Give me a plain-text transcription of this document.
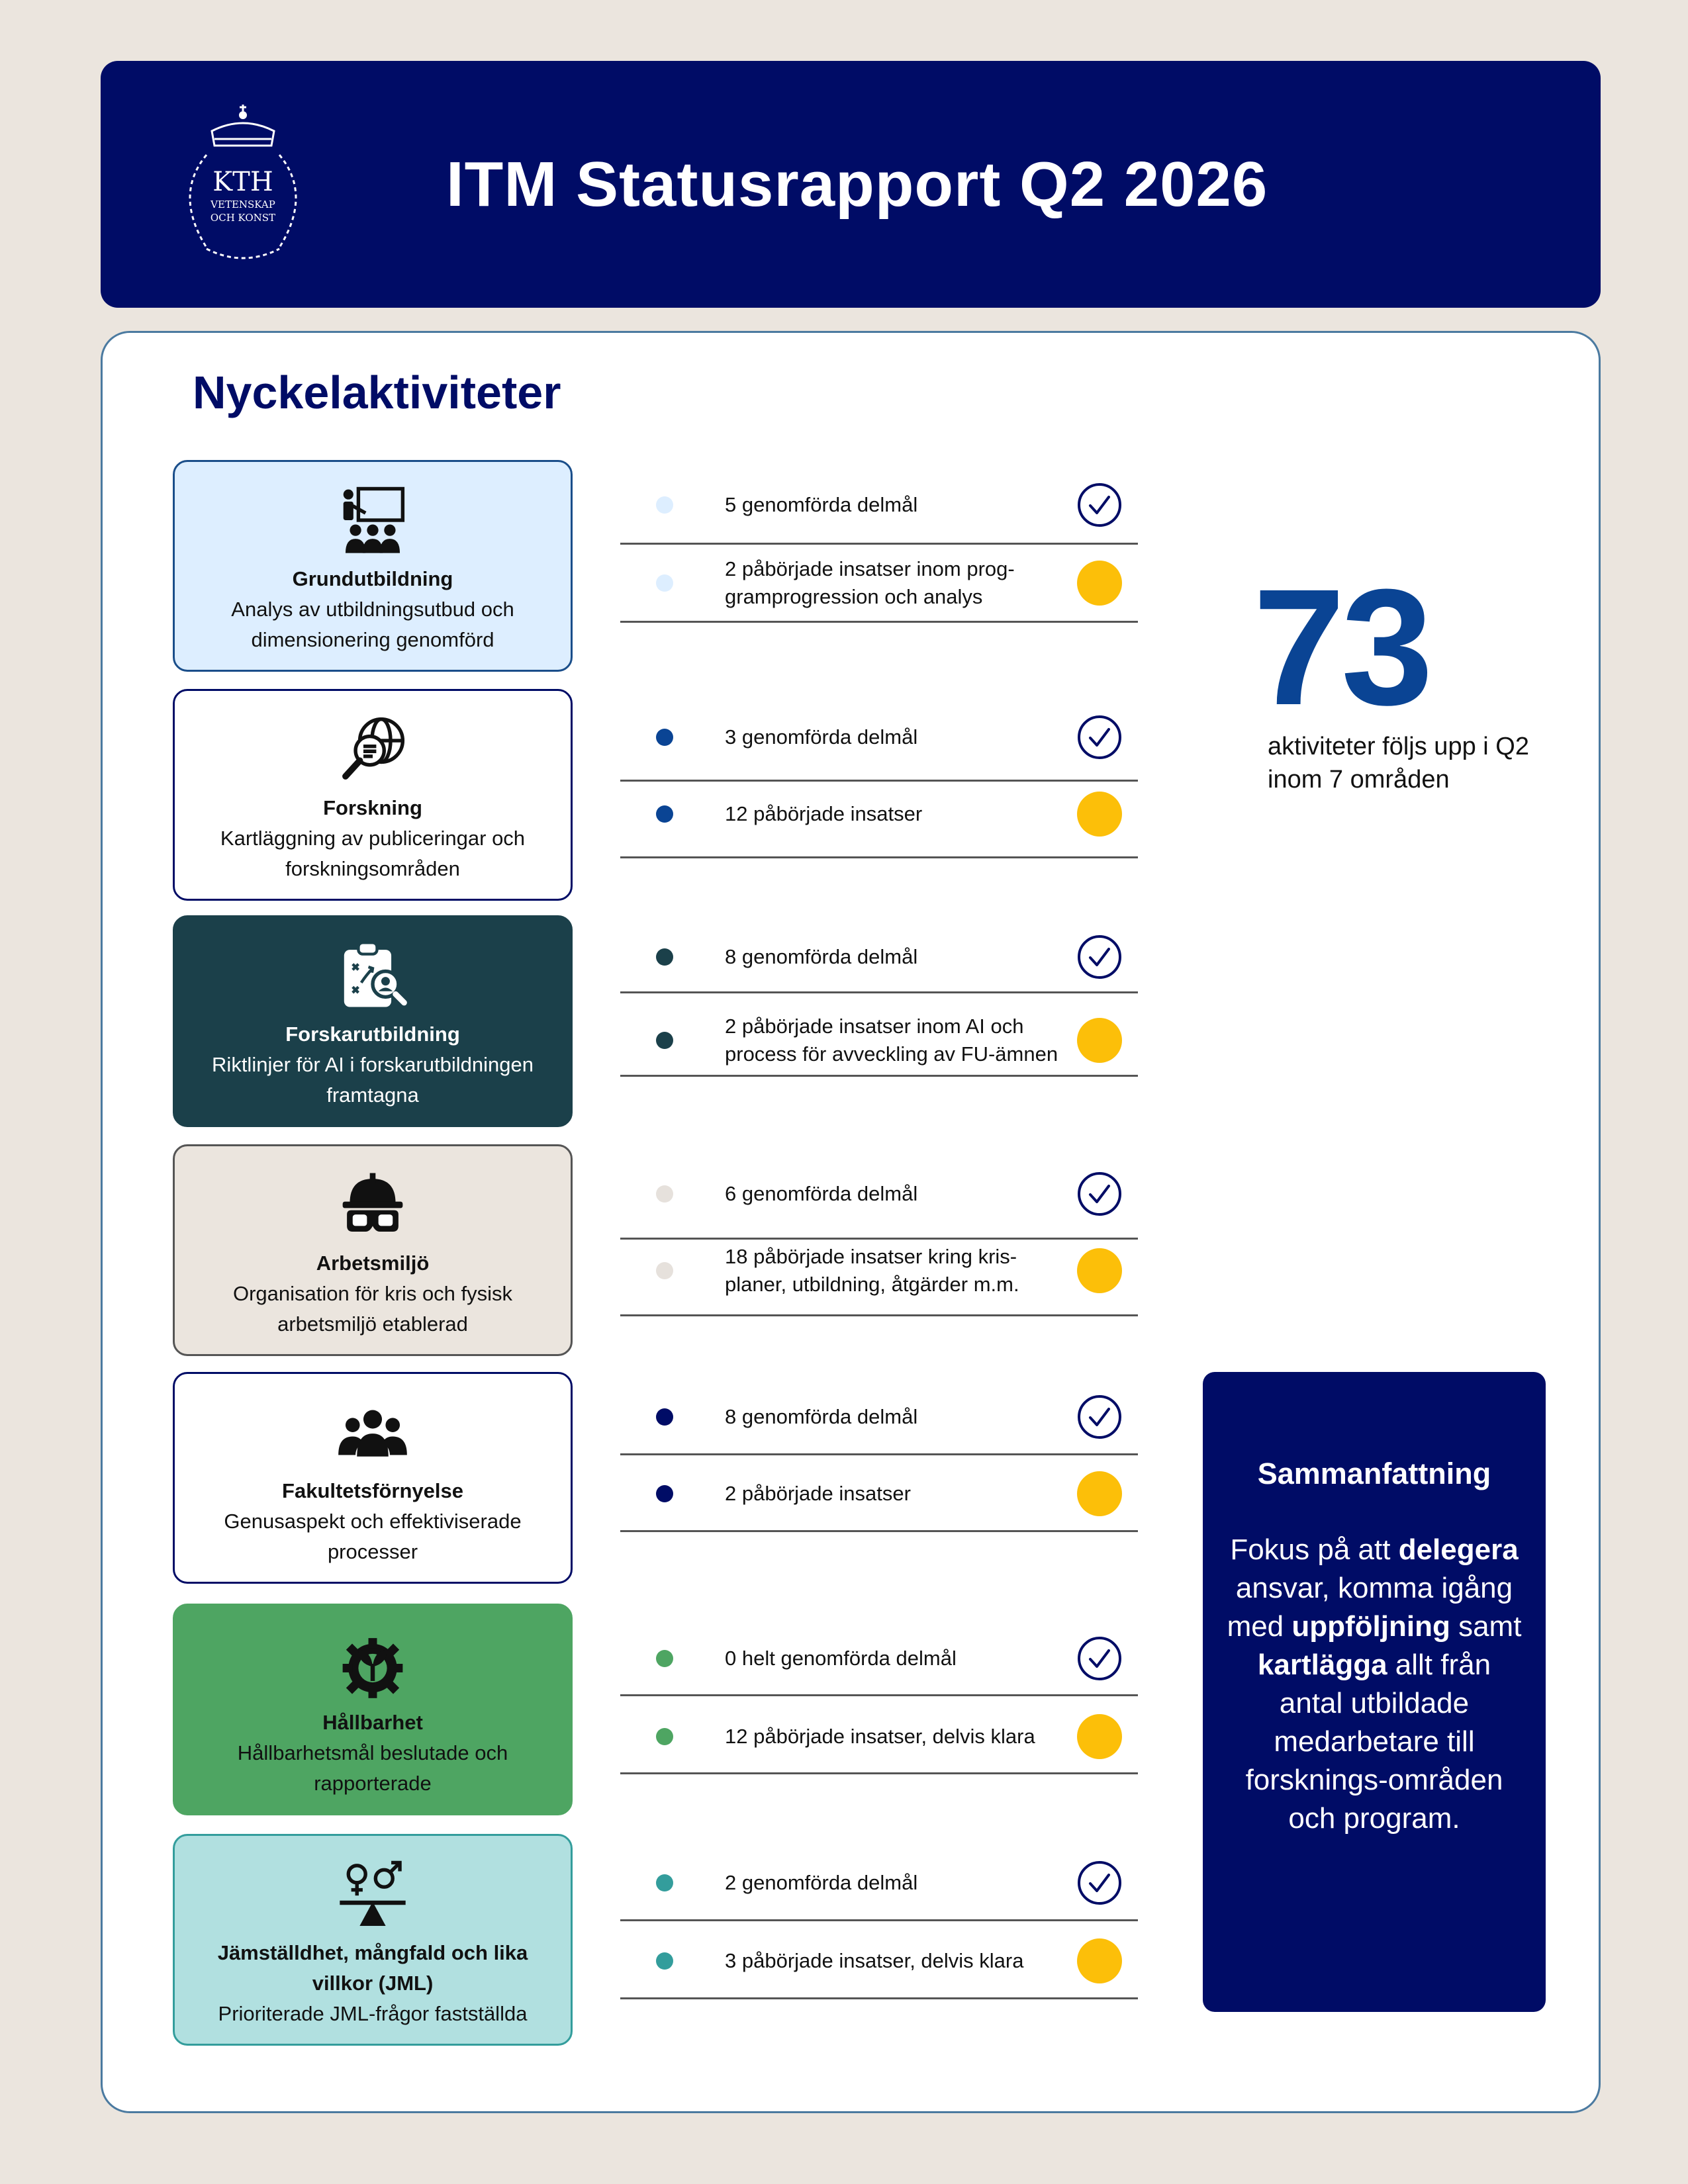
KTH
VETENSKAP
OCH KONST	ITM Statusrapport Q2 2026
Nyckelaktiviteter
Grundutbildning
Analys av utbildningsutbud och dimensionering genomförd
5 genomförda delmål
2 påbörjade insatser inom prog-
gramprogression och analys
Forskning
Kartläggning av publiceringar och forskningsområden
3 genomförda delmål
12 påbörjade insatser
Forskarutbildning
Riktlinjer för AI i forskarutbildningen framtagna
8 genomförda delmål
2 påbörjade insatser inom AI och process för avveckling av FU-ämnen
Arbetsmiljö
Organisation för kris och fysisk arbetsmiljö etablerad
6 genomförda delmål
18 påbörjade insatser kring kris-
planer, utbildning, åtgärder m.m.
Fakultetsförnyelse
Genusaspekt och effektiviserade processer
8 genomförda delmål
2 påbörjade insatser
Hållbarhet
Hållbarhetsmål beslutade och rapporterade
0 helt genomförda delmål
12 påbörjade insatser, delvis klara
Jämställdhet, mångfald och lika villkor (JML)
Prioriterade JML-frågor fastställda
2 genomförda delmål
3 påbörjade insatser, delvis klara
73
aktiviteter följs upp i Q2 inom 7 områden
Sammanfattning
Fokus på att delegera ansvar, komma igång med uppföljning samt kartlägga allt från antal utbildade medarbetare till forsknings-områden och program.
